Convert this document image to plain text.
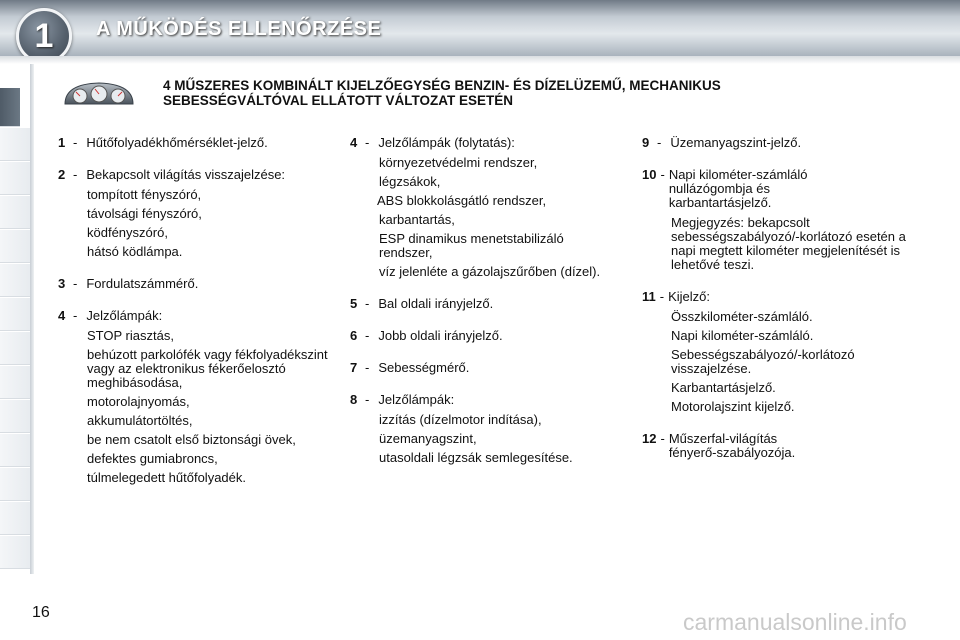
1 A MŰKÖDÉS ELLENŐRZÉSE
4 MŰSZERES KOMBINÁLT KIJELZŐEGYSÉG BENZIN- ÉS DÍZELÜZEMŰ, MECHANIKUS
SEBESSÉGVÁLTÓVAL ELLÁTOTT VÁLTOZAT ESETÉN
1 - Hűtőfolyadékhőmérséklet-jelző.
2 - Bekapcsolt világítás visszajelzése:
tompított fényszóró,
távolsági fényszóró,
ködfényszóró,
hátsó ködlámpa.
3 - Fordulatszámmérő.
4 - Jelzőlámpák:
STOP riasztás,
behúzott parkolófék vagy fékfolyadékszint vagy az elektronikus fékerőelosztó meghibásodása,
motorolajnyomás,
akkumulátortöltés,
be nem csatolt első biztonsági övek,
defektes gumiabroncs,
túlmelegedett hűtőfolyadék.
4 - Jelzőlámpák (folytatás):
környezetvédelmi rendszer,
légzsákok,
ABS blokkolásgátló rendszer,
karbantartás,
ESP dinamikus menetstabilizáló rendszer,
víz jelenléte a gázolajszűrőben (dízel).
5 - Bal oldali irányjelző.
6 - Jobb oldali irányjelző.
7 - Sebességmérő.
8 - Jelzőlámpák:
izzítás (dízelmotor indítása),
üzemanyagszint,
utasoldali légzsák semlegesítése.
9 - Üzemanyagszint-jelző.
10 - Napi kilométer-számláló nullázógombja és karbantartásjelző.
Megjegyzés: bekapcsolt sebességszabályozó/-korlátozó esetén a napi megtett kilométer megjelenítését is lehetővé teszi.
11 - Kijelző:
Összkilométer-számláló.
Napi kilométer-számláló.
Sebességszabályozó/-korlátozó visszajelzése.
Karbantartásjelző.
Motorolajszint kijelző.
12 - Műszerfal-világítás fényerő-szabályozója.
16	carmanualsonline.info
